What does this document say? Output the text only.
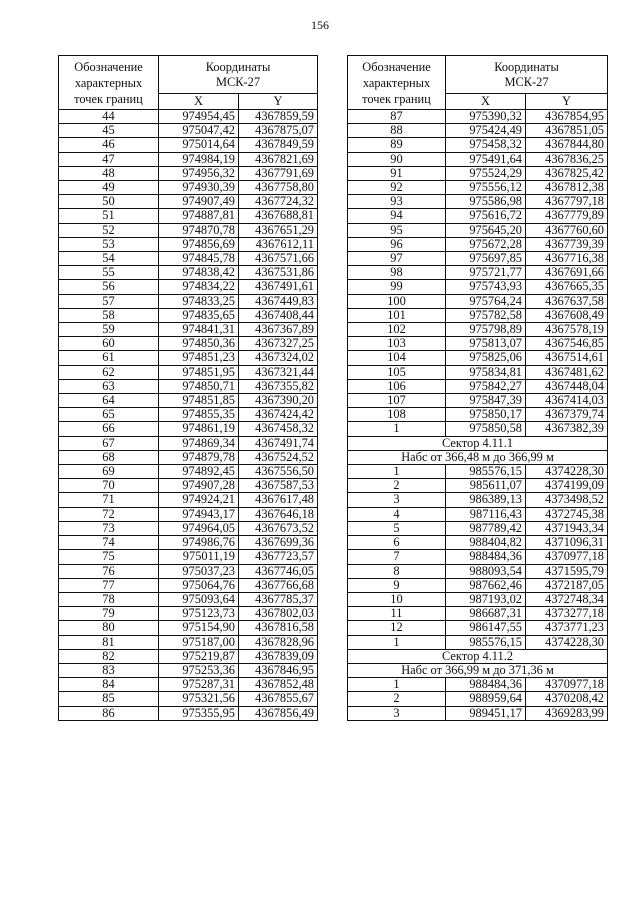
156
Обозначение характерных точек границ	Координаты
МСК-27	
	X	Y
44	974954,45	4367859,59
45	975047,42	4367875,07
46	975014,64	4367849,59
47	974984,19	4367821,69
48	974956,32	4367791,69
49	974930,39	4367758,80
50	974907,49	4367724,32
51	974887,81	4367688,81
52	974870,78	4367651,29
53	974856,69	4367612,11
54	974845,78	4367571,66
55	974838,42	4367531,86
56	974834,22	4367491,61
57	974833,25	4367449,83
58	974835,65	4367408,44
59	974841,31	4367367,89
60	974850,36	4367327,25
61	974851,23	4367324,02
62	974851,95	4367321,44
63	974850,71	4367355,82
64	974851,85	4367390,20
65	974855,35	4367424,42
66	974861,19	4367458,32
67	974869,34	4367491,74
68	974879,78	4367524,52
69	974892,45	4367556,50
70	974907,28	4367587,53
71	974924,21	4367617,48
72	974943,17	4367646,18
73	974964,05	4367673,52
74	974986,76	4367699,36
75	975011,19	4367723,57
76	975037,23	4367746,05
77	975064,76	4367766,68
78	975093,64	4367785,37
79	975123,73	4367802,03
80	975154,90	4367816,58
81	975187,00	4367828,96
82	975219,87	4367839,09
83	975253,36	4367846,95
84	975287,31	4367852,48
85	975321,56	4367855,67
86	975355,95	4367856,49
Обозначение характерных точек границ	Координаты
МСК-27	
	X	Y
87	975390,32	4367854,95
88	975424,49	4367851,05
89	975458,32	4367844,80
90	975491,64	4367836,25
91	975524,29	4367825,42
92	975556,12	4367812,38
93	975586,98	4367797,18
94	975616,72	4367779,89
95	975645,20	4367760,60
96	975672,28	4367739,39
97	975697,85	4367716,38
98	975721,77	4367691,66
99	975743,93	4367665,35
100	975764,24	4367637,58
101	975782,58	4367608,49
102	975798,89	4367578,19
103	975813,07	4367546,85
104	975825,06	4367514,61
105	975834,81	4367481,62
106	975842,27	4367448,04
107	975847,39	4367414,03
108	975850,17	4367379,74
1	975850,58	4367382,39
Сектор 4.11.1		
Набс от 366,48 м до 366,99 м		
1	985576,15	4374228,30
2	985611,07	4374199,09
3	986389,13	4373498,52
4	987116,43	4372745,38
5	987789,42	4371943,34
6	988404,82	4371096,31
7	988484,36	4370977,18
8	988093,54	4371595,79
9	987662,46	4372187,05
10	987193,02	4372748,34
11	986687,31	4373277,18
12	986147,55	4373771,23
1	985576,15	4374228,30
Сектор 4.11.2		
Набс от 366,99 м до 371,36 м		
1	988484,36	4370977,18
2	988959,64	4370208,42
3	989451,17	4369283,99
